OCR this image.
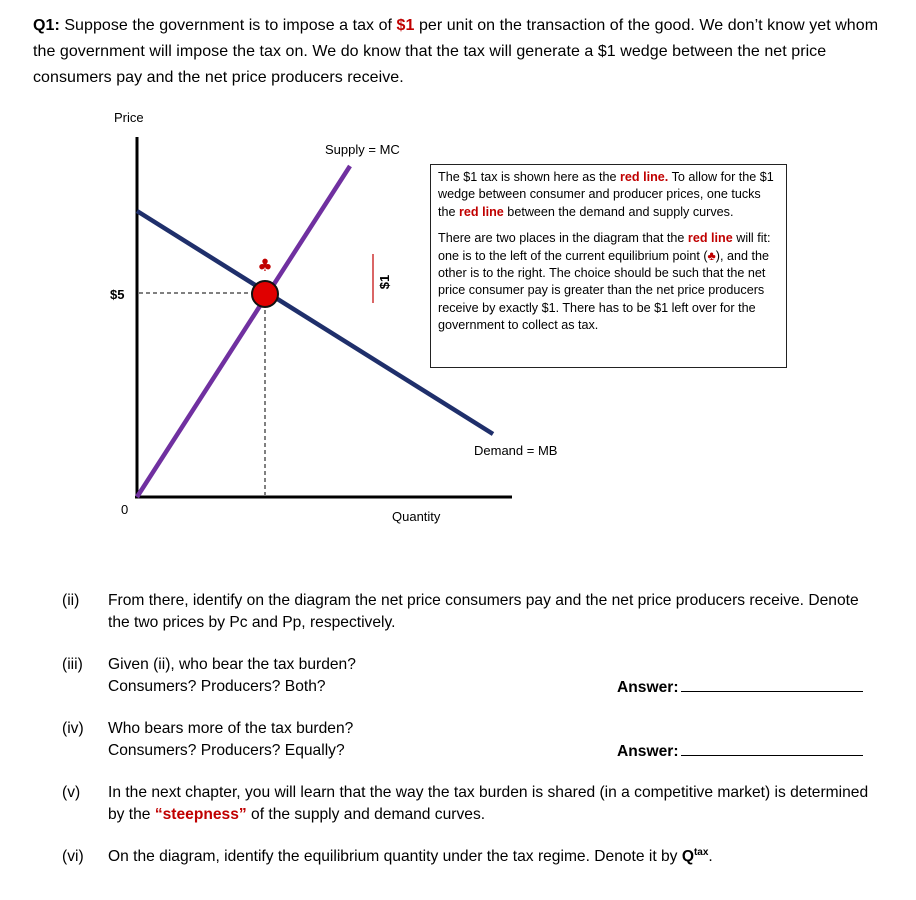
Q1: Suppose the government is to impose a tax of $1 per unit on the transaction of the good. We don’t know yet whom the government will impose the tax on. We do know that the tax will generate a $1 wedge between the net price consumers pay and the net price producers receive.
♣
$1
Price
Quantity
0
$5
Supply = MC
Demand = MB

The $1 tax is shown here as the red line. To allow for the $1 wedge between consumer and producer prices, one tucks the red line between the demand and supply curves.

There are two places in the diagram that the red line will fit: one is to the left of the current equilibrium point (♣), and the other is to the right. The choice should be such that the net price consumer pay is greater than the net price producers receive by exactly $1. There has to be $1 left over for the government to collect as tax.

(ii) From there, identify on the diagram the net price consumers pay and the net price producers receive. Denote the two prices by Pc and Pp, respectively.
(iii) Given (ii), who bear the tax burden?
Consumers? Producers? Both?	Answer:
(iv) Who bears more of the tax burden?
Consumers? Producers? Equally?	Answer:
(v) In the next chapter, you will learn that the way the tax burden is shared (in a competitive market) is determined by the “steepness” of the supply and demand curves.
(vi) On the diagram, identify the equilibrium quantity under the tax regime. Denote it by $Q^{tax}$.
